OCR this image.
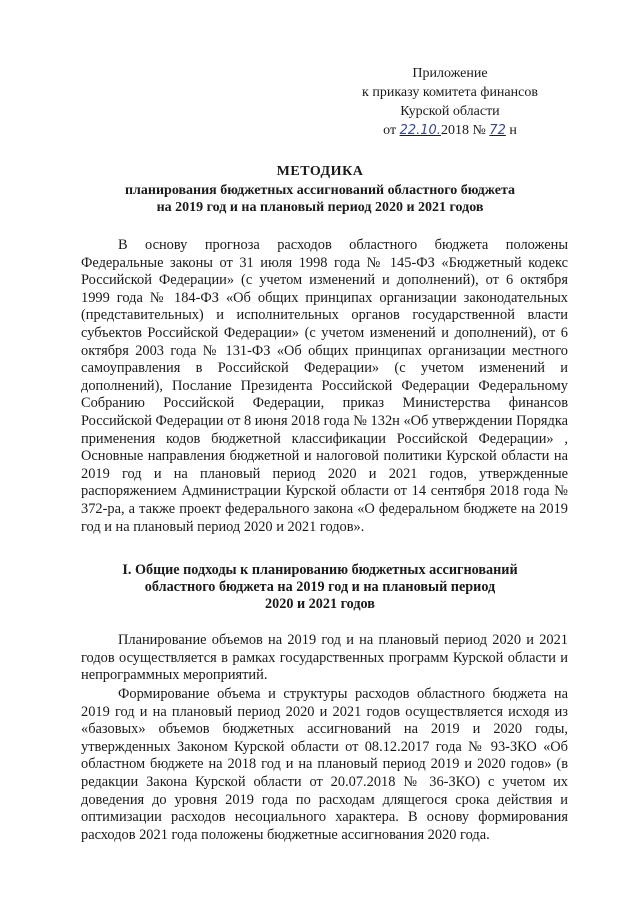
Приложение
к приказу комитета финансов
Курской области
от 22.10.2018 № 72 н
МЕТОДИКА
планирования бюджетных ассигнований областного бюджета
на 2019 год и на плановый период 2020 и 2021 годов
В основу прогноза расходов областного бюджета положены Федеральные законы от 31 июля 1998 года № 145-ФЗ «Бюджетный кодекс Российской Федерации» (с учетом изменений и дополнений), от 6 октября 1999 года № 184-ФЗ «Об общих принципах организации законодательных (представительных) и исполнительных органов государственной власти субъектов Российской Федерации» (с учетом изменений и дополнений), от 6 октября 2003 года № 131-ФЗ «Об общих принципах организации местного самоуправления в Российской Федерации» (с учетом изменений и дополнений), Послание Президента Российской Федерации Федеральному Собранию Российской Федерации, приказ Министерства финансов Российской Федерации от 8 июня 2018 года № 132н «Об утверждении Порядка применения кодов бюджетной классификации Российской Федерации» , Основные направления бюджетной и налоговой политики Курской области на 2019 год и на плановый период 2020 и 2021 годов, утвержденные распоряжением Администрации Курской области от 14 сентября 2018 года № 372-ра, а также проект федерального закона «О федеральном бюджете на 2019 год и на плановый период 2020 и 2021 годов».
I. Общие подходы к планированию бюджетных ассигнований
областного бюджета на 2019 год и на плановый период
2020 и 2021 годов
Планирование объемов на 2019 год и на плановый период 2020 и 2021 годов осуществляется в рамках государственных программ Курской области и непрограммных мероприятий.
Формирование объема и структуры расходов областного бюджета на 2019 год и на плановый период 2020 и 2021 годов осуществляется исходя из «базовых» объемов бюджетных ассигнований на 2019 и 2020 годы, утвержденных Законом Курской области от 08.12.2017 года № 93-ЗКО «Об областном бюджете на 2018 год и на плановый период 2019 и 2020 годов» (в редакции Закона Курской области от 20.07.2018 № 36-ЗКО) с учетом их доведения до уровня 2019 года по расходам длящегося срока действия и оптимизации расходов несоциального характера. В основу формирования расходов 2021 года положены бюджетные ассигнования 2020 года.
